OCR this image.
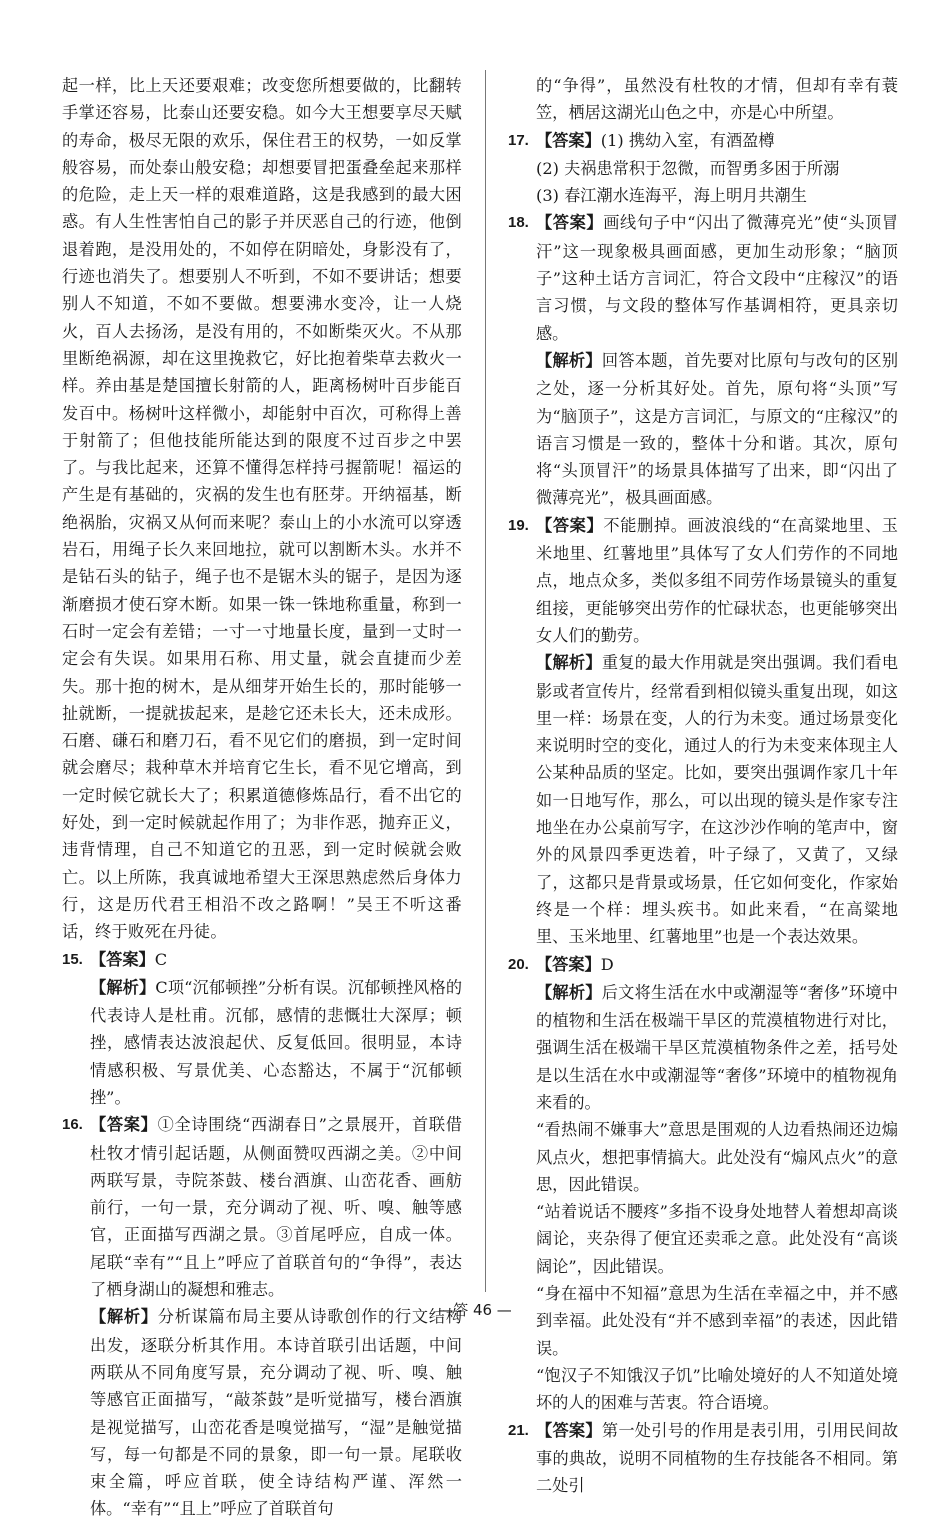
起一样，比上天还要艰难；改变您所想要做的，比翻转手掌还容易，比泰山还要安稳。如今大王想要享尽天赋的寿命，极尽无限的欢乐，保住君王的权势，一如反掌般容易，而处泰山般安稳；却想要冒把蛋叠垒起来那样的危险，走上天一样的艰难道路，这是我感到的最大困惑。有人生性害怕自己的影子并厌恶自己的行迹，他倒退着跑，是没用处的，不如停在阴暗处，身影没有了，行迹也消失了。想要别人不听到，不如不要讲话；想要别人不知道，不如不要做。想要沸水变冷，让一人烧火，百人去扬汤，是没有用的，不如断柴灭火。不从那里断绝祸源，却在这里挽救它，好比抱着柴草去救火一样。养由基是楚国擅长射箭的人，距离杨树叶百步能百发百中。杨树叶这样微小，却能射中百次，可称得上善于射箭了；但他技能所能达到的限度不过百步之中罢了。与我比起来，还算不懂得怎样持弓握箭呢！福运的产生是有基础的，灾祸的发生也有胚芽。开纳福基，断绝祸胎，灾祸又从何而来呢？泰山上的小水流可以穿透岩石，用绳子长久来回地拉，就可以割断木头。水并不是钻石头的钻子，绳子也不是锯木头的锯子，是因为逐渐磨损才使石穿木断。如果一铢一铢地称重量，称到一石时一定会有差错；一寸一寸地量长度，量到一丈时一定会有失误。如果用石称、用丈量，就会直捷而少差失。那十抱的树木，是从细芽开始生长的，那时能够一扯就断，一提就拔起来，是趁它还未长大，还未成形。石磨、磏石和磨刀石，看不见它们的磨损，到一定时间就会磨尽；栽种草木并培育它生长，看不见它增高，到一定时候它就长大了；积累道德修炼品行，看不出它的好处，到一定时候就起作用了；为非作恶，抛弃正义，违背情理，自己不知道它的丑恶，到一定时候就会败亡。以上所陈，我真诚地希望大王深思熟虑然后身体力行，这是历代君王相沿不改之路啊！”吴王不听这番话，终于败死在丹徒。

15. 【答案】C

【解析】C项“沉郁顿挫”分析有误。沉郁顿挫风格的代表诗人是杜甫。沉郁，感情的悲慨壮大深厚；顿挫，感情表达波浪起伏、反复低回。很明显，本诗情感积极、写景优美、心态豁达，不属于“沉郁顿挫”。

16. 【答案】①全诗围绕“西湖春日”之景展开，首联借杜牧才情引起话题，从侧面赞叹西湖之美。②中间两联写景，寺院茶鼓、楼台酒旗、山峦花香、画舫前行，一句一景，充分调动了视、听、嗅、触等感官，正面描写西湖之景。③首尾呼应，自成一体。尾联“幸有”“且上”呼应了首联首句的“争得”，表达了栖身湖山的凝想和雅志。

【解析】分析谋篇布局主要从诗歌创作的行文结构出发，逐联分析其作用。本诗首联引出话题，中间两联从不同角度写景，充分调动了视、听、嗅、触等感官正面描写，“敲茶鼓”是听觉描写，楼台酒旗是视觉描写，山峦花香是嗅觉描写，“湿”是触觉描写，每一句都是不同的景象，即一句一景。尾联收束全篇，呼应首联，使全诗结构严谨、浑然一体。“幸有”“且上”呼应了首联首句

的“争得”，虽然没有杜牧的才情，但却有幸有蓑笠，栖居这湖光山色之中，亦是心中所望。

17. 【答案】(1) 携幼入室，有酒盈樽

(2) 夫祸患常积于忽微，而智勇多困于所溺

(3) 春江潮水连海平，海上明月共潮生

18. 【答案】画线句子中“闪出了微薄亮光”使“头顶冒汗”这一现象极具画面感，更加生动形象；“脑顶子”这种土话方言词汇，符合文段中“庄稼汉”的语言习惯，与文段的整体写作基调相符，更具亲切感。

【解析】回答本题，首先要对比原句与改句的区别之处，逐一分析其好处。首先，原句将“头顶”写为“脑顶子”，这是方言词汇，与原文的“庄稼汉”的语言习惯是一致的，整体十分和谐。其次，原句将“头顶冒汗”的场景具体描写了出来，即“闪出了微薄亮光”，极具画面感。

19. 【答案】不能删掉。画波浪线的“在高粱地里、玉米地里、红薯地里”具体写了女人们劳作的不同地点，地点众多，类似多组不同劳作场景镜头的重复组接，更能够突出劳作的忙碌状态，也更能够突出女人们的勤劳。

【解析】重复的最大作用就是突出强调。我们看电影或者宣传片，经常看到相似镜头重复出现，如这里一样：场景在变，人的行为未变。通过场景变化来说明时空的变化，通过人的行为未变来体现主人公某种品质的坚定。比如，要突出强调作家几十年如一日地写作，那么，可以出现的镜头是作家专注地坐在办公桌前写字，在这沙沙作响的笔声中，窗外的风景四季更迭着，叶子绿了，又黄了，又绿了，这都只是背景或场景，任它如何变化，作家始终是一个样：埋头疾书。如此来看，“在高粱地里、玉米地里、红薯地里”也是一个表达效果。

20. 【答案】D

【解析】后文将生活在水中或潮湿等“奢侈”环境中的植物和生活在极端干旱区的荒漠植物进行对比，强调生活在极端干旱区荒漠植物条件之差，括号处是以生活在水中或潮湿等“奢侈”环境中的植物视角来看的。

“看热闹不嫌事大”意思是围观的人边看热闹还边煽风点火，想把事情搞大。此处没有“煽风点火”的意思，因此错误。

“站着说话不腰疼”多指不设身处地替人着想却高谈阔论，夹杂得了便宜还卖乖之意。此处没有“高谈阔论”，因此错误。

“身在福中不知福”意思为生活在幸福之中，并不感到幸福。此处没有“并不感到幸福”的表述，因此错误。

“饱汉子不知饿汉子饥”比喻处境好的人不知道处境坏的人的困难与苦衷。符合语境。

21. 【答案】第一处引号的作用是表引用，引用民间故事的典故，说明不同植物的生存技能各不相同。第二处引
—答 46 —
